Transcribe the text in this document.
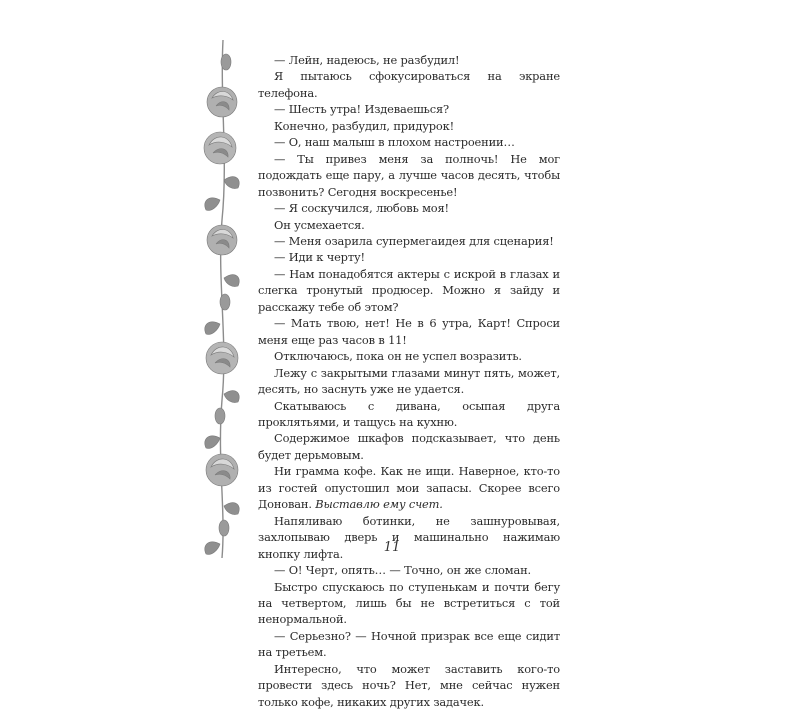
— Лейн, надеюсь, не разбудил!

Я пытаюсь сфокусироваться на экране телефона.

— Шесть утра! Издеваешься?

Конечно, разбудил, придурок!

— О, наш малыш в плохом настроении…

— Ты привез меня за полночь! Не мог подождать еще пару, а лучше часов десять, чтобы позвонить? Сегодня воскресенье!

— Я соскучился, любовь моя!

Он усмехается.

— Меня озарила супермегаидея для сценария!

— Иди к черту!

— Нам понадобятся актеры с искрой в глазах и слегка тронутый продюсер. Можно я зайду и расскажу тебе об этом?

— Мать твою, нет! Не в 6 утра, Карт! Спроси меня еще раз часов в 11!

Отключаюсь, пока он не успел возразить.

Лежу с закрытыми глазами минут пять, может, десять, но заснуть уже не удается.

Скатываюсь с дивана, осыпая друга проклятьями, и тащусь на кухню.

Содержимое шкафов подсказывает, что день будет дерьмовым.

Ни грамма кофе. Как не ищи. Наверное, кто-то из гостей опустошил мои запасы. Скорее всего Донован. Выставлю ему счет.

Напяливаю ботинки, не зашнуровывая, захлопываю дверь и машинально нажимаю кнопку лифта.

— О! Черт, опять… — Точно, он же сломан.

Быстро спускаюсь по ступенькам и почти бегу на четвертом, лишь бы не встретиться с той ненормальной.

— Серьезно? — Ночной призрак все еще сидит на третьем.

Интересно, что может заставить кого-то провести здесь ночь? Нет, мне сейчас нужен только кофе, никаких других задачек.

11
